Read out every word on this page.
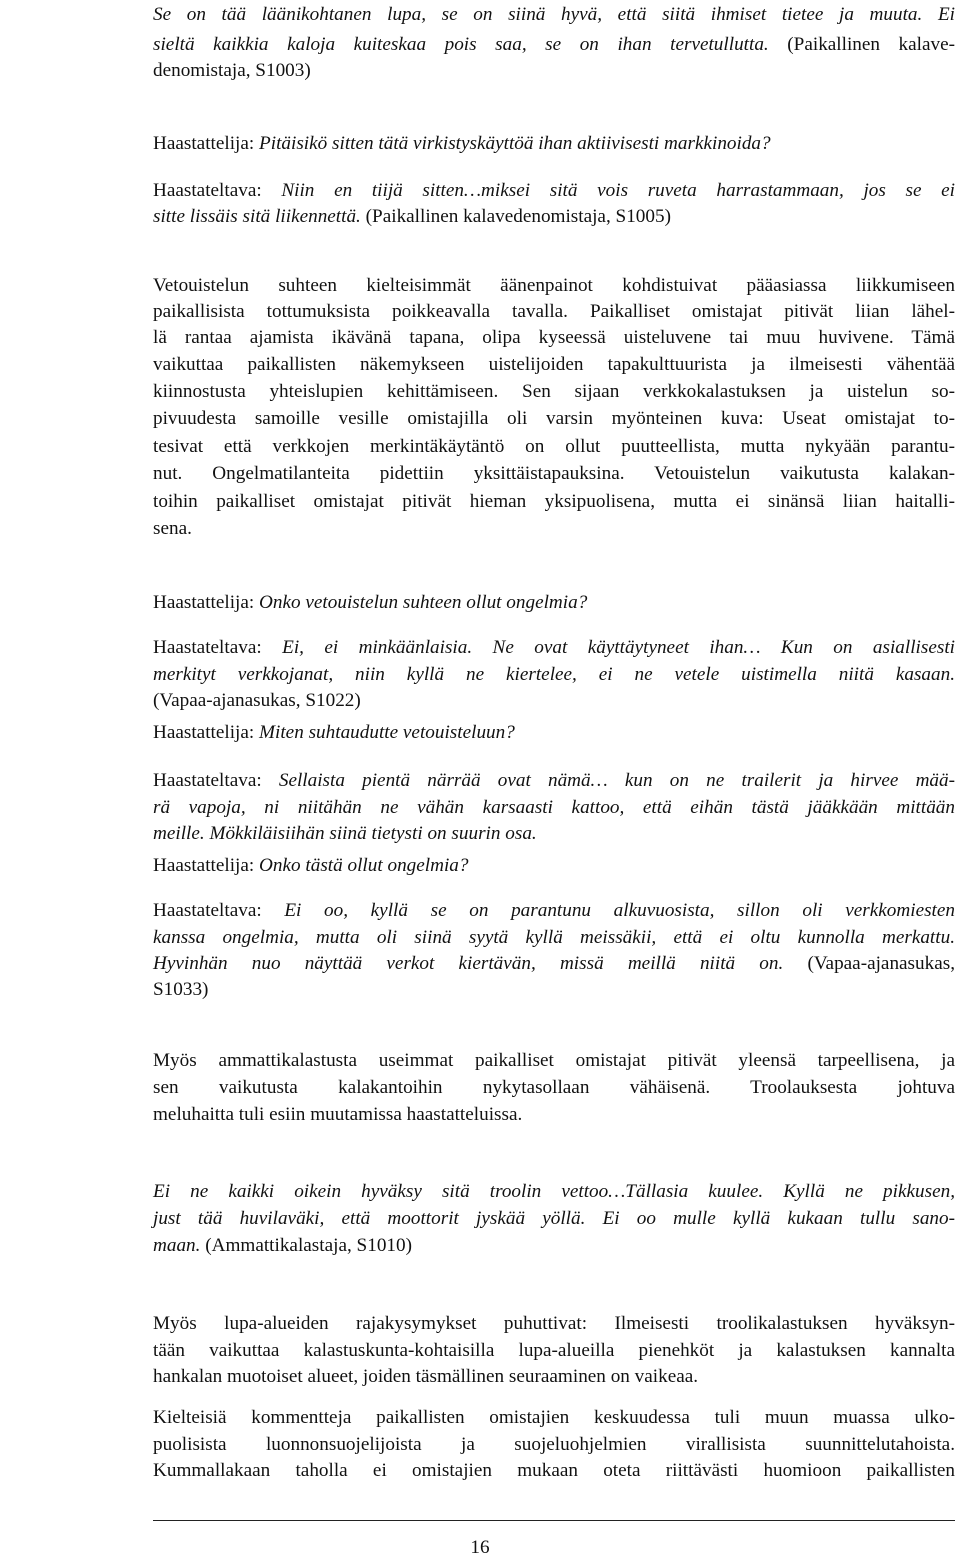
Se on tää läänikohtanen lupa, se on siinä hyvä, että siitä ihmiset tietee ja muuta. Ei
sieltä kaikkia kaloja kuiteskaa pois saa, se on ihan tervetullutta. (Paikallinen kalave-
denomistaja, S1003)
Haastattelija: Pitäisikö sitten tätä virkistyskäyttöä ihan aktiivisesti markkinoida?
Haastateltava: Niin en tiijä sitten…miksei sitä vois ruveta harrastammaan, jos se ei
sitte lissäis sitä liikennettä. (Paikallinen kalavedenomistaja, S1005)
Vetouistelun suhteen kielteisimmät äänenpainot kohdistuivat pääasiassa liikkumiseen
paikallisista tottumuksista poikkeavalla tavalla. Paikalliset omistajat pitivät liian lähel-
lä rantaa ajamista ikävänä tapana, olipa kyseessä uisteluvene tai muu huvivene. Tämä
vaikuttaa paikallisten näkemykseen uistelijoiden tapakulttuurista ja ilmeisesti vähentää
kiinnostusta yhteislupien kehittämiseen. Sen sijaan verkkokalastuksen ja uistelun so-
pivuudesta samoille vesille omistajilla oli varsin myönteinen kuva: Useat omistajat to-
tesivat että verkkojen merkintäkäytäntö on ollut puutteellista, mutta nykyään parantu-
nut. Ongelmatilanteita pidettiin yksittäistapauksina. Vetouistelun vaikutusta kalakan-
toihin paikalliset omistajat pitivät hieman yksipuolisena, mutta ei sinänsä liian haitalli-
sena.
Haastattelija: Onko vetouistelun suhteen ollut ongelmia?
Haastateltava: Ei, ei minkäänlaisia. Ne ovat käyttäytyneet ihan… Kun on asiallisesti
merkityt verkkojanat, niin kyllä ne kiertelee, ei ne vetele uistimella niitä kasaan.
(Vapaa-ajanasukas, S1022)
Haastattelija: Miten suhtaudutte vetouisteluun?
Haastateltava: Sellaista pientä närrää ovat nämä… kun on ne trailerit ja hirvee mää-
rä vapoja, ni niitähän ne vähän karsaasti kattoo, että eihän tästä jääkkään mittään
meille. Mökkiläisiihän siinä tietysti on suurin osa.
Haastattelija: Onko tästä ollut ongelmia?
Haastateltava: Ei oo, kyllä se on parantunu alkuvuosista, sillon oli verkkomiesten
kanssa ongelmia, mutta oli siinä syytä kyllä meissäkii, että ei oltu kunnolla merkattu.
Hyvinhän nuo näyttää verkot kiertävän, missä meillä niitä on. (Vapaa-ajanasukas,
S1033)
Myös ammattikalastusta useimmat paikalliset omistajat pitivät yleensä tarpeellisena, ja
sen vaikutusta kalakantoihin nykytasollaan vähäisenä. Troolauksesta johtuva
meluhaitta tuli esiin muutamissa haastatteluissa.
Ei ne kaikki oikein hyväksy sitä troolin vettoo…Tällasia kuulee. Kyllä ne pikkusen,
just tää huvilaväki, että moottorit jyskää yöllä. Ei oo mulle kyllä kukaan tullu sano-
maan. (Ammattikalastaja, S1010)
Myös lupa-alueiden rajakysymykset puhuttivat: Ilmeisesti troolikalastuksen hyväksyn-
tään vaikuttaa kalastuskunta-kohtaisilla lupa-alueilla pienehköt ja kalastuksen kannalta
hankalan muotoiset alueet, joiden täsmällinen seuraaminen on vaikeaa.
Kielteisiä kommentteja paikallisten omistajien keskuudessa tuli muun muassa ulko-
puolisista luonnonsuojelijoista ja suojeluohjelmien virallisista suunnittelutahoista.
Kummallakaan taholla ei omistajien mukaan oteta riittävästi huomioon paikallisten
16
